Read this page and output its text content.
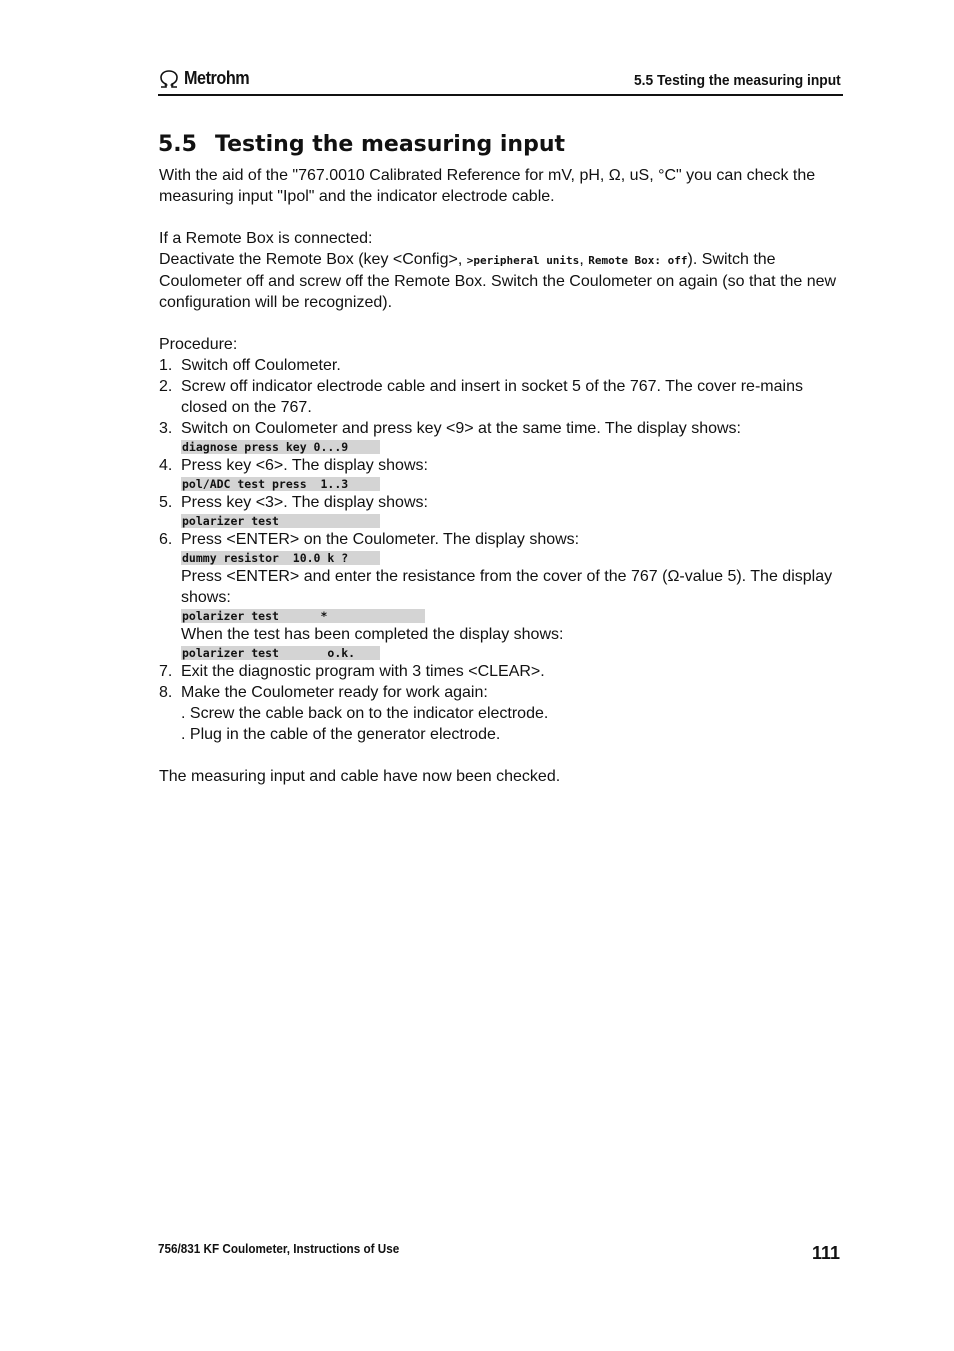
Metrohm	5.5 Testing the measuring input
5.5 Testing the measuring input

With the aid of the "767.0010 Calibrated Reference for mV, pH, Ω, uS, °C" you can check the measuring input "Ipol" and the indicator electrode cable.

If a Remote Box is connected:

Deactivate the Remote Box (key <Config>, >peripheral units, Remote Box: off). Switch the Coulometer off and screw off the Remote Box. Switch the Coulometer on again (so that the new configuration will be recognized).

Procedure:

1. Switch off Coulometer.
2. Screw off indicator electrode cable and insert in socket 5 of the 767. The cover re-mains closed on the 767.
3. Switch on Coulometer and press key <9> at the same time. The display shows:
diagnose press key 0...9
4. Press key <6>. The display shows:
pol/ADC test press  1..3
5. Press key <3>. The display shows:
polarizer test
6. Press <ENTER> on the Coulometer. The display shows:
dummy resistor  10.0 k ?
Press <ENTER> and enter the resistance from the cover of the 767 (Ω-value 5). The display shows:
polarizer test      *
When the test has been completed the display shows:
polarizer test       o.k.
7. Exit the diagnostic program with 3 times <CLEAR>.
8. Make the Coulometer ready for work again:
. Screw the cable back on to the indicator electrode.
. Plug in the cable of the generator electrode.

The measuring input and cable have now been checked.

756/831 KF Coulometer, Instructions of Use	111
